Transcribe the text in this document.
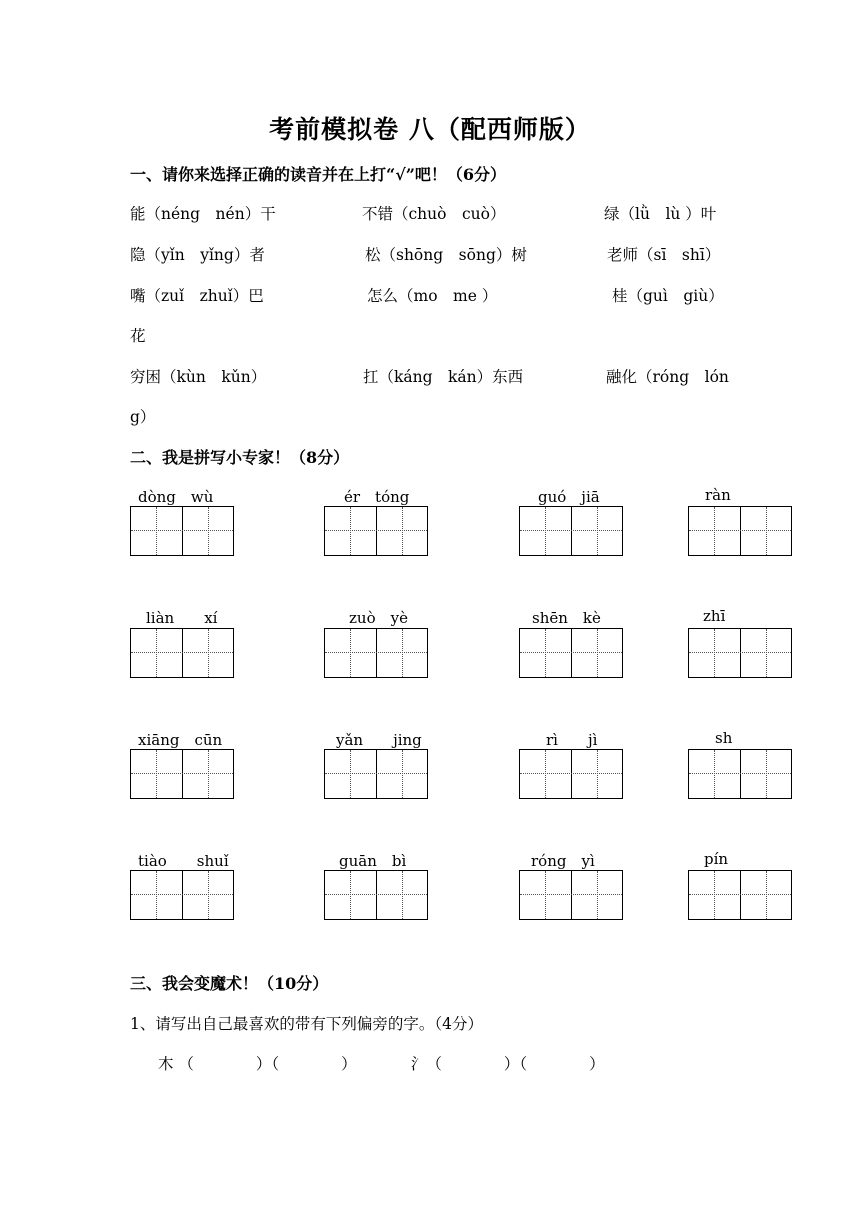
考前模拟卷 八（配西师版）
一、请你来选择正确的读音并在上打“√”吧！（6分）
能（néng　nén）干	不错（chuò　cuò）	绿（lǜ　lù ）叶
隐（yǐn　yǐng）者	松（shōng　sōng）树	老师（sī　shī）
嘴（zuǐ　zhuǐ）巴	怎么（mo　me ）	桂（guì　giù）
花
穷困（kùn　kǔn）	扛（káng　kán）东西	融化（róng　lón
g）
二、我是拼写小专家！（8分）
dòng　wù	ér　tóng	guó　jiā	ràn
liàn　　xí	zuò　yè	shēn　kè	zhī
xiāng　cūn	yǎn　　jing	rì　　jì	sh
tiào　　shuǐ	guān　bì	róng　yì	pín
三、我会变魔术！（10分）
1、请写出自己最喜欢的带有下列偏旁的字。（4分）
木 （　　　　）（　　　　）　　　　氵（　　　　）（　　　　）
